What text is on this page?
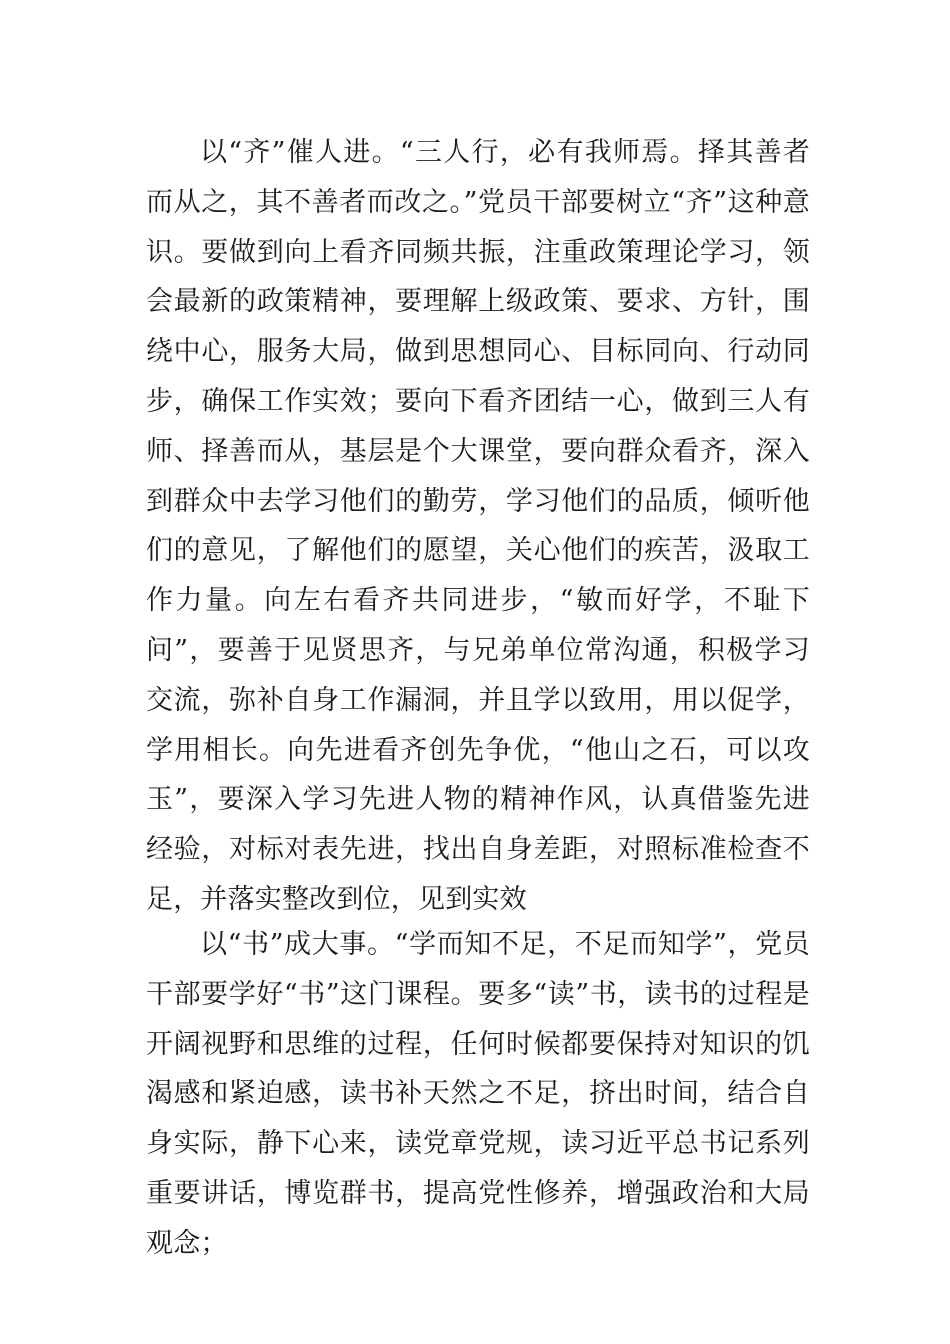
以“齐”催人进。“三人行，必有我师焉。择其善者而从之，其不善者而改之。”党员干部要树立“齐”这种意识。要做到向上看齐同频共振，注重政策理论学习，领会最新的政策精神，要理解上级政策、要求、方针，围绕中心，服务大局，做到思想同心、目标同向、行动同步，确保工作实效；要向下看齐团结一心，做到三人有师、择善而从，基层是个大课堂，要向群众看齐，深入到群众中去学习他们的勤劳，学习他们的品质，倾听他们的意见，了解他们的愿望，关心他们的疾苦，汲取工作力量。向左右看齐共同进步，“敏而好学，不耻下问”，要善于见贤思齐，与兄弟单位常沟通，积极学习交流，弥补自身工作漏洞，并且学以致用，用以促学，学用相长。向先进看齐创先争优，“他山之石，可以攻玉”，要深入学习先进人物的精神作风，认真借鉴先进经验，对标对表先进，找出自身差距，对照标准检查不足，并落实整改到位，见到实效

以“书”成大事。“学而知不足，不足而知学”，党员干部要学好“书”这门课程。要多“读”书，读书的过程是开阔视野和思维的过程，任何时候都要保持对知识的饥渴感和紧迫感，读书补天然之不足，挤出时间，结合自身实际，静下心来，读党章党规，读习近平总书记系列重要讲话，博览群书，提高党性修养，增强政治和大局观念；
